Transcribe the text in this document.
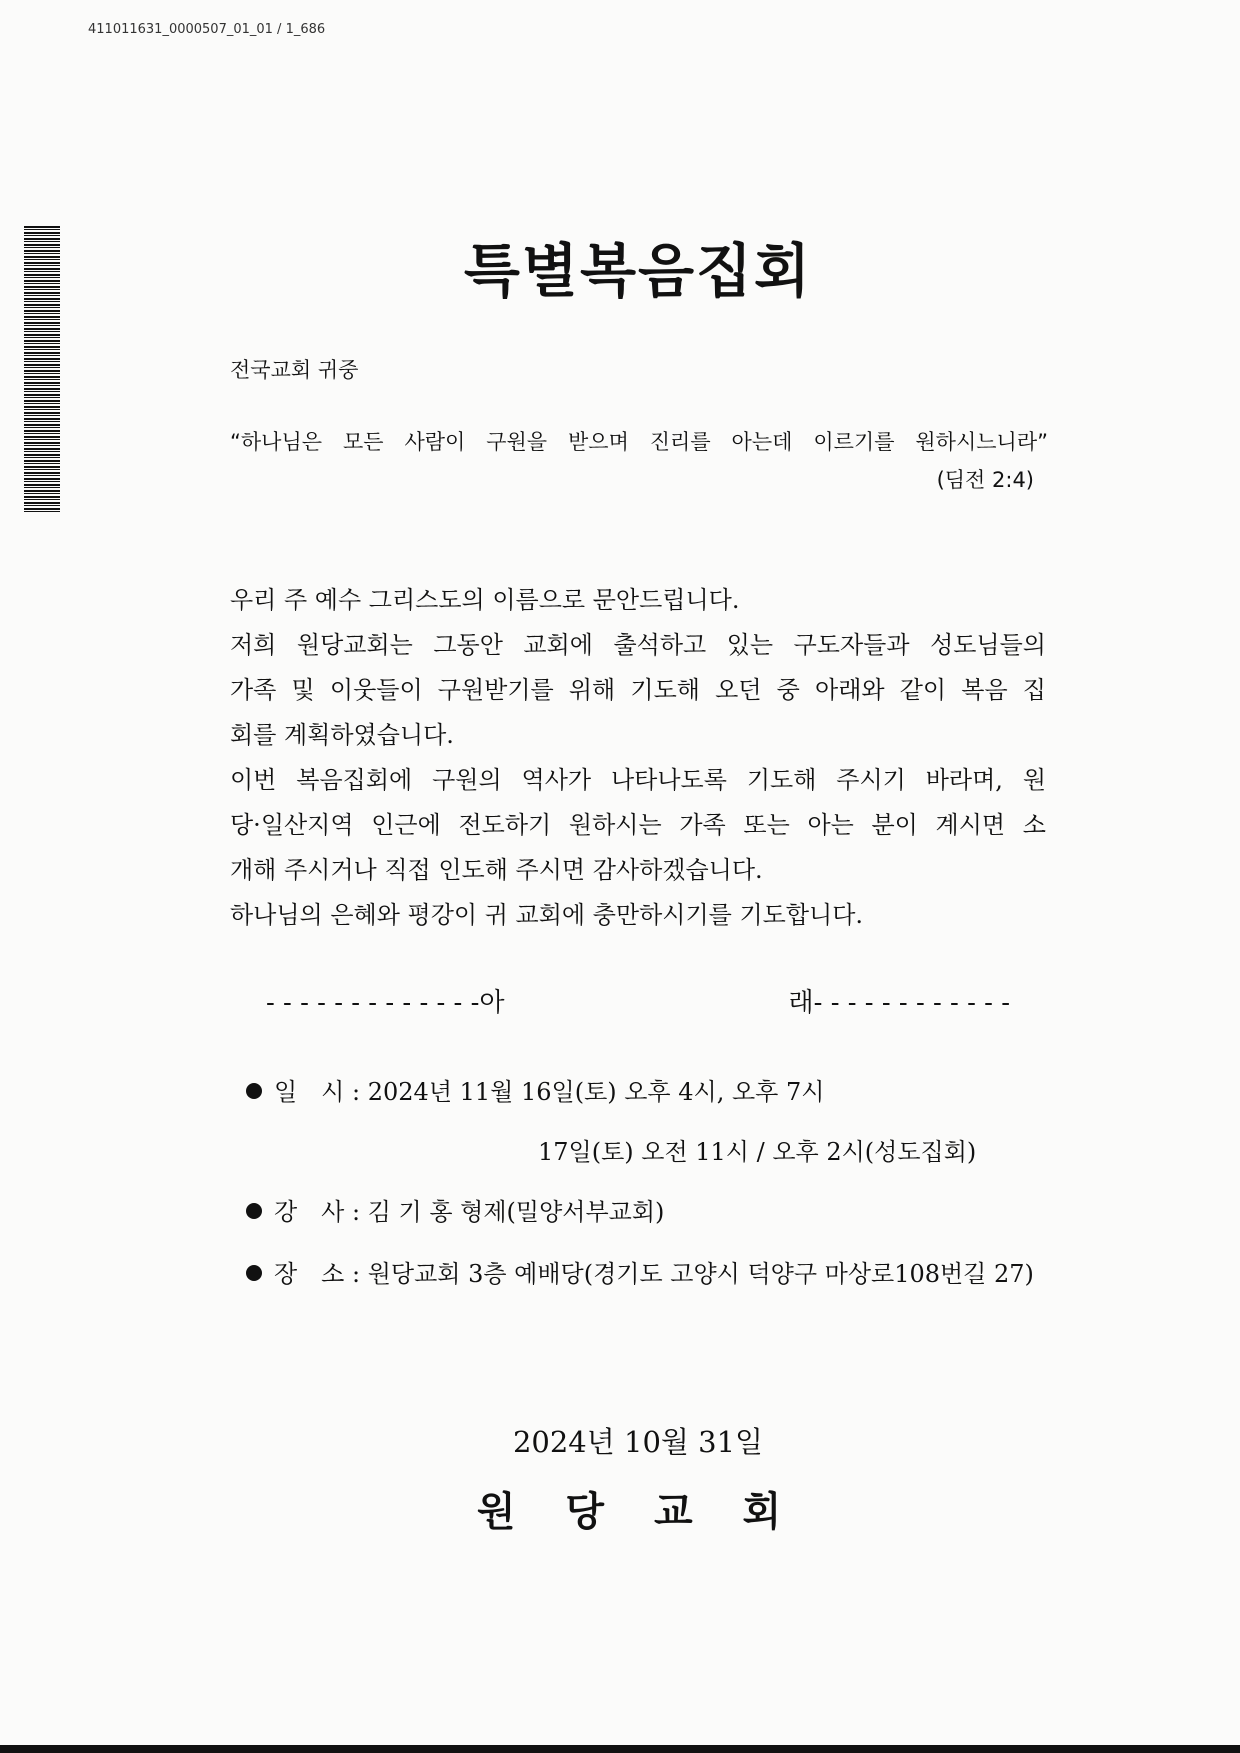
411011631_0000507_01_01 / 1_686
특별복음집회
전국교회 귀중
“하나님은 모든 사람이 구원을 받으며 진리를 아는데 이르기를 원하시느니라”
(딤전 2:4)
우리 주 예수 그리스도의 이름으로 문안드립니다.
저희 원당교회는 그동안 교회에 출석하고 있는 구도자들과 성도님들의
가족 및 이웃들이 구원받기를 위해 기도해 오던 중 아래와 같이 복음 집
회를 계획하였습니다.
이번 복음집회에 구원의 역사가 나타나도록 기도해 주시기 바라며, 원
당·일산지역 인근에 전도하기 원하시는 가족 또는 아는 분이 계시면 소
개해 주시거나 직접 인도해 주시면 감사하겠습니다.
하나님의 은혜와 평강이 귀 교회에 충만하시기를 기도합니다.
- - - - - - - - - - - - -아	래- - - - - - - - - - - -
일　시 : 2024년 11월 16일(토) 오후 4시, 오후 7시
17일(토) 오전 11시 / 오후 2시(성도집회)
강　사 : 김 기 홍 형제(밀양서부교회)
장　소 : 원당교회 3층 예배당(경기도 고양시 덕양구 마상로108번길 27)
2024년 10월 31일
원 당 교 회
